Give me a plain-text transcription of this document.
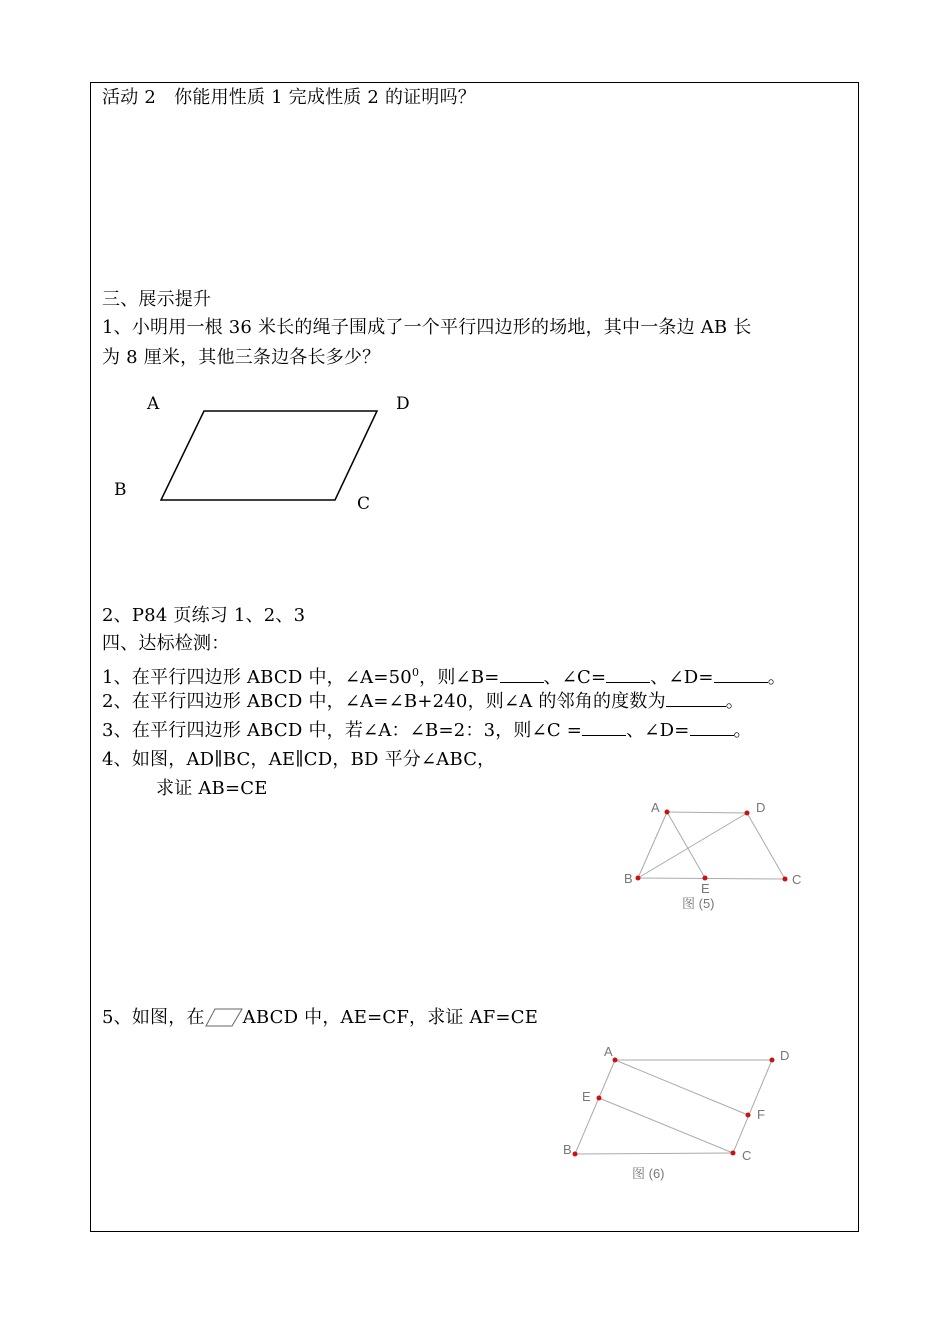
活动 2　你能用性质 1 完成性质 2 的证明吗？
三、展示提升
1、小明用一根 36 米长的绳子围成了一个平行四边形的场地，其中一条边 AB 长
为 8 厘米，其他三条边各长多少？
A	D
B
C
A	D
B
E
C
图 (5)
A	D
E
F
B	C
图 (6)
2、P84 页练习 1、2、3
四、达标检测：
1、在平行四边形 ABCD 中，$\angle A=50^0$，则∠B= 、∠C= 、∠D=	。
2、在平行四边形 ABCD 中，∠A=∠B+240，则∠A 的邻角的度数为	。
3、在平行四边形 ABCD 中，若∠A：∠B=2：3，则∠C = 、∠D= 。
4、如图，AD∥BC，AE∥CD，BD 平分∠ABC，
求证 AB=CE
5、如图，在 ABCD 中，AE=CF，求证 AF=CE
